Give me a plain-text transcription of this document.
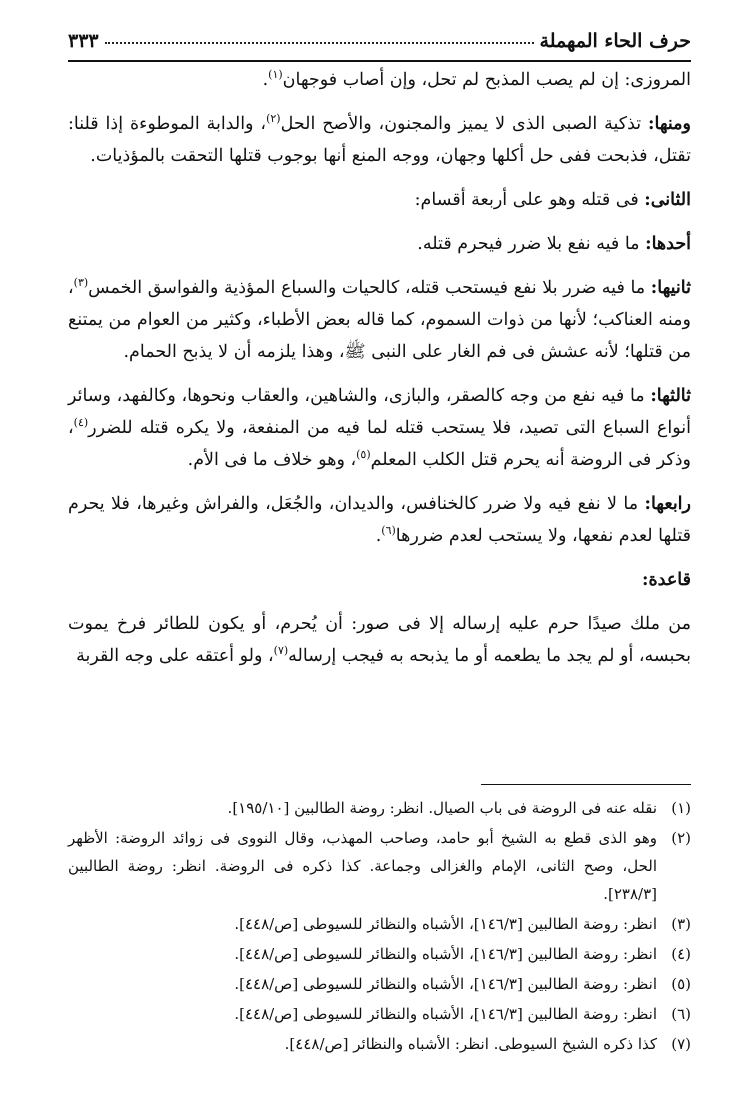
حرف الحاء المهملة
٣٣٣

المروزى: إن لم يصب المذبح لم تحل، وإن أصاب فوجهان$^{(١)}$.

ومنها: تذكية الصبى الذى لا يميز والمجنون، والأصح الحل$^{(٢)}$، والدابة الموطوءة إذا قلنا: تقتل، فذبحت ففى حل أكلها وجهان، ووجه المنع أنها بوجوب قتلها التحقت بالمؤذيات.

الثانى: فى قتله وهو على أربعة أقسام:

أحدها: ما فيه نفع بلا ضرر فيحرم قتله.

ثانيها: ما فيه ضرر بلا نفع فيستحب قتله، كالحيات والسباع المؤذية والفواسق الخمس$^{(٣)}$، ومنه العناكب؛ لأنها من ذوات السموم، كما قاله بعض الأطباء، وكثير من العوام من يمتنع من قتلها؛ لأنه عشش فى فم الغار على النبى ﷺ، وهذا يلزمه أن لا يذبح الحمام.

ثالثها: ما فيه نفع من وجه كالصقر، والبازى، والشاهين، والعقاب ونحوها، وكالفهد، وسائر أنواع السباع التى تصيد، فلا يستحب قتله لما فيه من المنفعة، ولا يكره قتله للضرر$^{(٤)}$، وذكر فى الروضة أنه يحرم قتل الكلب المعلم$^{(٥)}$، وهو خلاف ما فى الأم.

رابعها: ما لا نفع فيه ولا ضرر كالخنافس، والديدان، والجُعَل، والفراش وغيرها، فلا يحرم قتلها لعدم نفعها، ولا يستحب لعدم ضررها$^{(٦)}$.

قاعدة:

من ملك صيدًا حرم عليه إرساله إلا فى صور: أن يُحرم، أو يكون للطائر فرخ يموت بحبسه، أو لم يجد ما يطعمه أو ما يذبحه به فيجب إرساله$^{(٧)}$، ولو أعتقه على وجه القربة

(١)نقله عنه فى الروضة فى باب الصيال. انظر: روضة الطالبين [١٩٥/١٠].

(٢)وهو الذى قطع به الشيخ أبو حامد، وصاحب المهذب، وقال النووى فى زوائد الروضة: الأظهر الحل، وصح الثانى، الإمام والغزالى وجماعة. كذا ذكره فى الروضة. انظر: روضة الطالبين [٢٣٨/٣].

(٣)انظر: روضة الطالبين [١٤٦/٣]، الأشباه والنظائر للسيوطى [ص/٤٤٨].

(٤)انظر: روضة الطالبين [١٤٦/٣]، الأشباه والنظائر للسيوطى [ص/٤٤٨].

(٥)انظر: روضة الطالبين [١٤٦/٣]، الأشباه والنظائر للسيوطى [ص/٤٤٨].

(٦)انظر: روضة الطالبين [١٤٦/٣]، الأشباه والنظائر للسيوطى [ص/٤٤٨].

(٧)كذا ذكره الشيخ السيوطى. انظر: الأشباه والنظائر [ص/٤٤٨].
